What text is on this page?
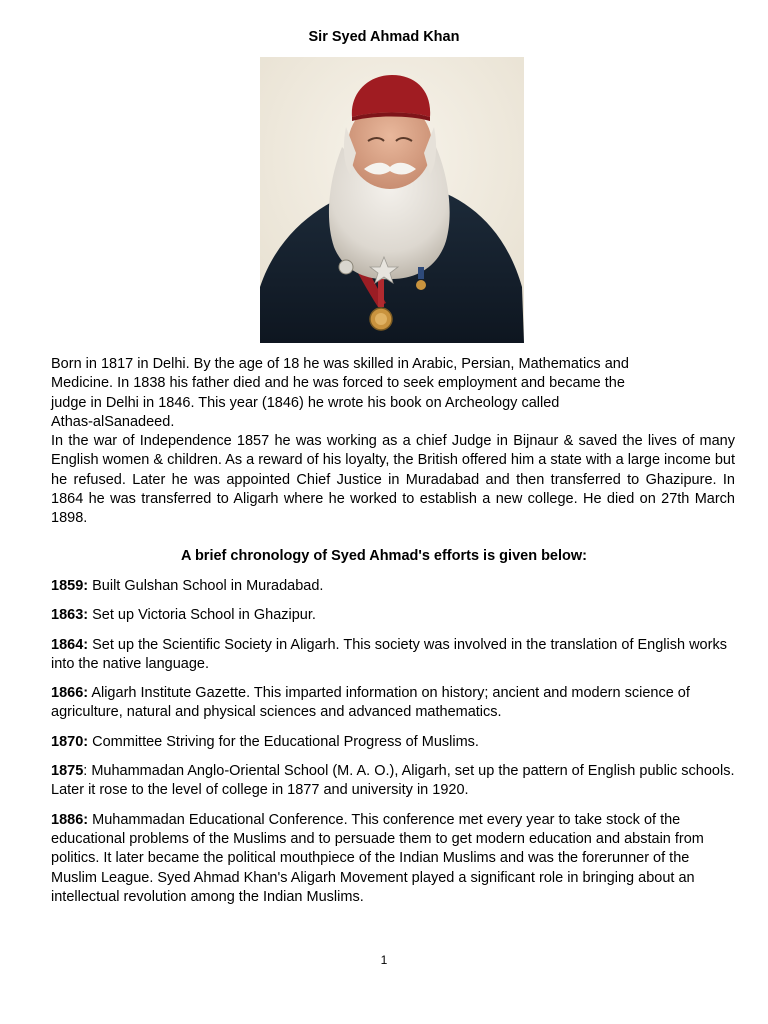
Sir Syed Ahmad Khan

Born in 1817 in Delhi. By the age of 18 he was skilled in Arabic, Persian, Mathematics and
Medicine. In 1838 his father died and he was forced to seek employment and became the
judge in Delhi in 1846. This year (1846) he wrote his book on Archeology called
Athas-alSanadeed.

In the war of Independence 1857 he was working as a chief Judge in Bijnaur & saved the lives of many English women & children. As a reward of his loyalty, the British offered him a state with a large income but he refused. Later he was appointed Chief Justice in Muradabad and then transferred to Ghazipure. In 1864 he was transferred to Aligarh where he worked to establish a new college. He died on 27th March 1898.

A brief chronology of Syed Ahmad's efforts is given below:

1859: Built Gulshan School in Muradabad.

1863: Set up Victoria School in Ghazipur.

1864: Set up the Scientific Society in Aligarh. This society was involved in the translation of English works into the native language.

1866: Aligarh Institute Gazette. This imparted information on history; ancient and modern science of agriculture, natural and physical sciences and advanced mathematics.

1870: Committee Striving for the Educational Progress of Muslims.

1875: Muhammadan Anglo-Oriental School (M. A. O.), Aligarh, set up the pattern of English public schools. Later it rose to the level of college in 1877 and university in 1920.

1886: Muhammadan Educational Conference. This conference met every year to take stock of the educational problems of the Muslims and to persuade them to get modern education and abstain from politics. It later became the political mouthpiece of the Indian Muslims and was the forerunner of the Muslim League. Syed Ahmad Khan's Aligarh Movement played a significant role in bringing about an intellectual revolution among the Indian Muslims.

1
